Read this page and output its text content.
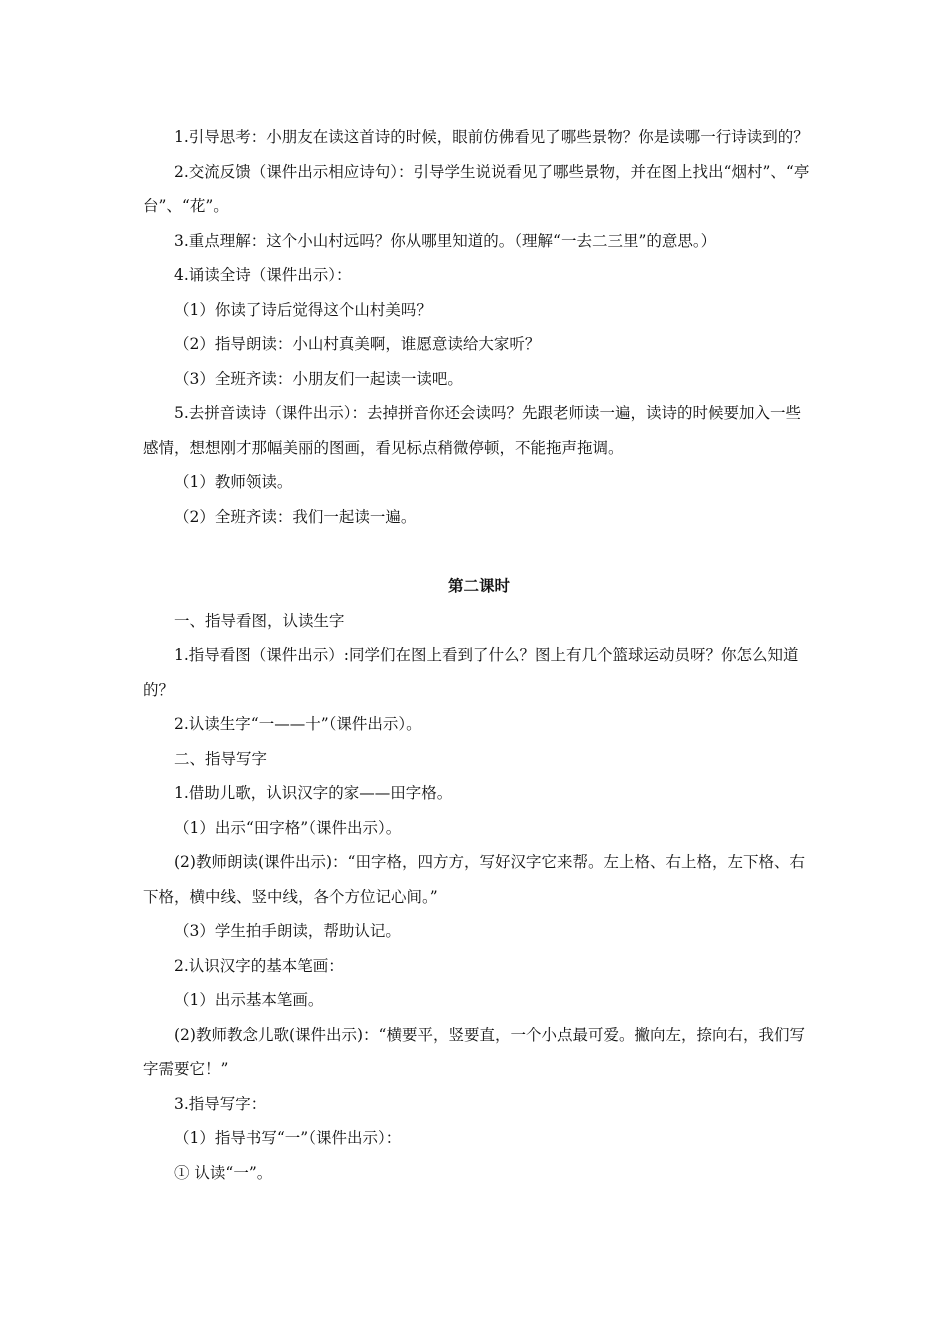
1.引导思考：小朋友在读这首诗的时候，眼前仿佛看见了哪些景物？你是读哪一行诗读到的？

2.交流反馈（课件出示相应诗句）：引导学生说说看见了哪些景物，并在图上找出“烟村”、“亭台”、“花”。

3.重点理解：这个小山村远吗？你从哪里知道的。（理解“一去二三里”的意思。）

4.诵读全诗（课件出示）：

（1）你读了诗后觉得这个山村美吗？

（2）指导朗读：小山村真美啊，谁愿意读给大家听？

（3）全班齐读：小朋友们一起读一读吧。

5.去拼音读诗（课件出示）：去掉拼音你还会读吗？先跟老师读一遍，读诗的时候要加入一些感情，想想刚才那幅美丽的图画，看见标点稍微停顿，不能拖声拖调。

（1）教师领读。

（2）全班齐读：我们一起读一遍。

第二课时

一、指导看图，认读生字

1.指导看图（课件出示）:同学们在图上看到了什么？图上有几个篮球运动员呀？你怎么知道的？

2.认读生字“一——十”（课件出示）。

二、指导写字

1.借助儿歌，认识汉字的家——田字格。

（1）出示“田字格”（课件出示）。

(2)教师朗读(课件出示)：“田字格，四方方，写好汉字它来帮。左上格、右上格，左下格、右下格，横中线、竖中线，各个方位记心间。”

（3）学生拍手朗读，帮助认记。

2.认识汉字的基本笔画：

（1）出示基本笔画。

(2)教师教念儿歌(课件出示)：“横要平，竖要直，一个小点最可爱。撇向左，捺向右，我们写字需要它！”

3.指导写字：

（1）指导书写“一”（课件出示）：

① 认读“一”。
